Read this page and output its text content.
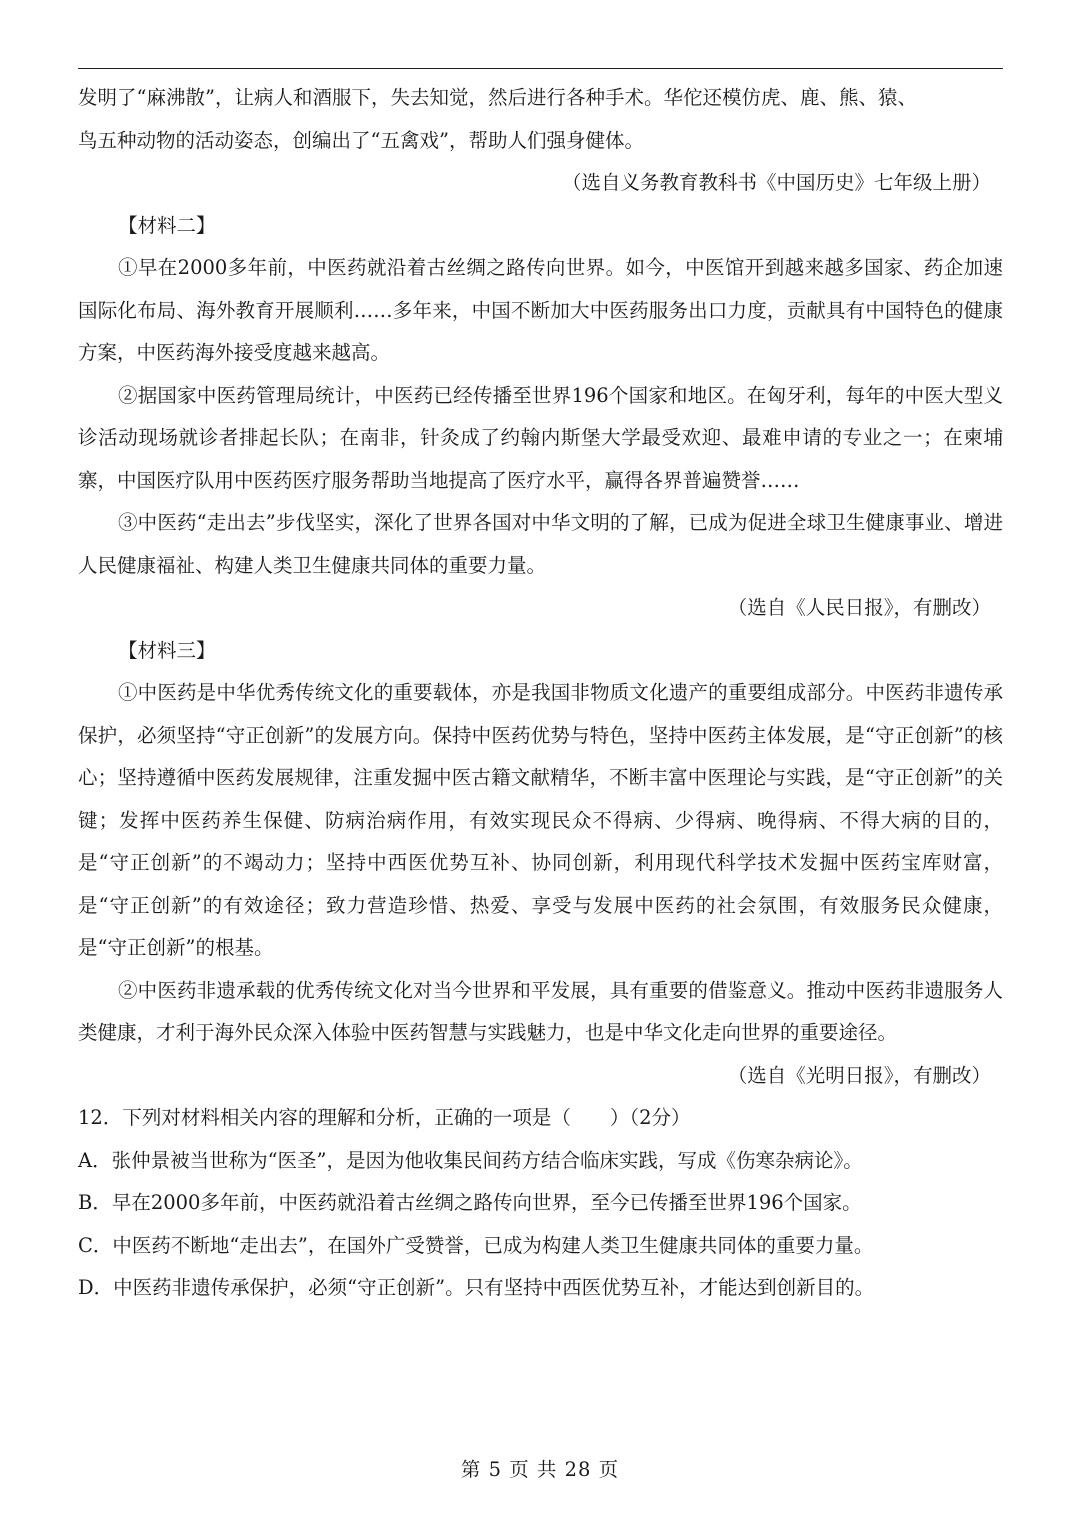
发明了“麻沸散”，让病人和酒服下，失去知觉，然后进行各种手术。华佗还模仿虎、鹿、熊、猿、

鸟五种动物的活动姿态，创编出了“五禽戏”，帮助人们强身健体。

（选自义务教育教科书《中国历史》七年级上册）

【材料二】

①早在2000多年前，中医药就沿着古丝绸之路传向世界。如今，中医馆开到越来越多国家、药企加速国际化布局、海外教育开展顺利……多年来，中国不断加大中医药服务出口力度，贡献具有中国特色的健康方案，中医药海外接受度越来越高。

②据国家中医药管理局统计，中医药已经传播至世界196个国家和地区。在匈牙利，每年的中医大型义诊活动现场就诊者排起长队；在南非，针灸成了约翰内斯堡大学最受欢迎、最难申请的专业之一；在柬埔寨，中国医疗队用中医药医疗服务帮助当地提高了医疗水平，赢得各界普遍赞誉……

③中医药“走出去”步伐坚实，深化了世界各国对中华文明的了解，已成为促进全球卫生健康事业、增进人民健康福祉、构建人类卫生健康共同体的重要力量。

（选自《人民日报》，有删改）

【材料三】

①中医药是中华优秀传统文化的重要载体，亦是我国非物质文化遗产的重要组成部分。中医药非遗传承保护，必须坚持“守正创新”的发展方向。保持中医药优势与特色，坚持中医药主体发展，是“守正创新”的核心；坚持遵循中医药发展规律，注重发掘中医古籍文献精华，不断丰富中医理论与实践，是“守正创新”的关键；发挥中医药养生保健、防病治病作用，有效实现民众不得病、少得病、晚得病、不得大病的目的，是“守正创新”的不竭动力；坚持中西医优势互补、协同创新，利用现代科学技术发掘中医药宝库财富，是“守正创新”的有效途径；致力营造珍惜、热爱、享受与发展中医药的社会氛围，有效服务民众健康，是“守正创新”的根基。

②中医药非遗承载的优秀传统文化对当今世界和平发展，具有重要的借鉴意义。推动中医药非遗服务人类健康，才利于海外民众深入体验中医药智慧与实践魅力，也是中华文化走向世界的重要途径。

（选自《光明日报》，有删改）

12．下列对材料相关内容的理解和分析，正确的一项是（　　）（2分）

A．张仲景被当世称为“医圣”，是因为他收集民间药方结合临床实践，写成《伤寒杂病论》。

B．早在2000多年前，中医药就沿着古丝绸之路传向世界，至今已传播至世界196个国家。

C．中医药不断地“走出去”，在国外广受赞誉，已成为构建人类卫生健康共同体的重要力量。

D．中医药非遗传承保护，必须“守正创新”。只有坚持中西医优势互补，才能达到创新目的。

第 5 页 共 28 页
